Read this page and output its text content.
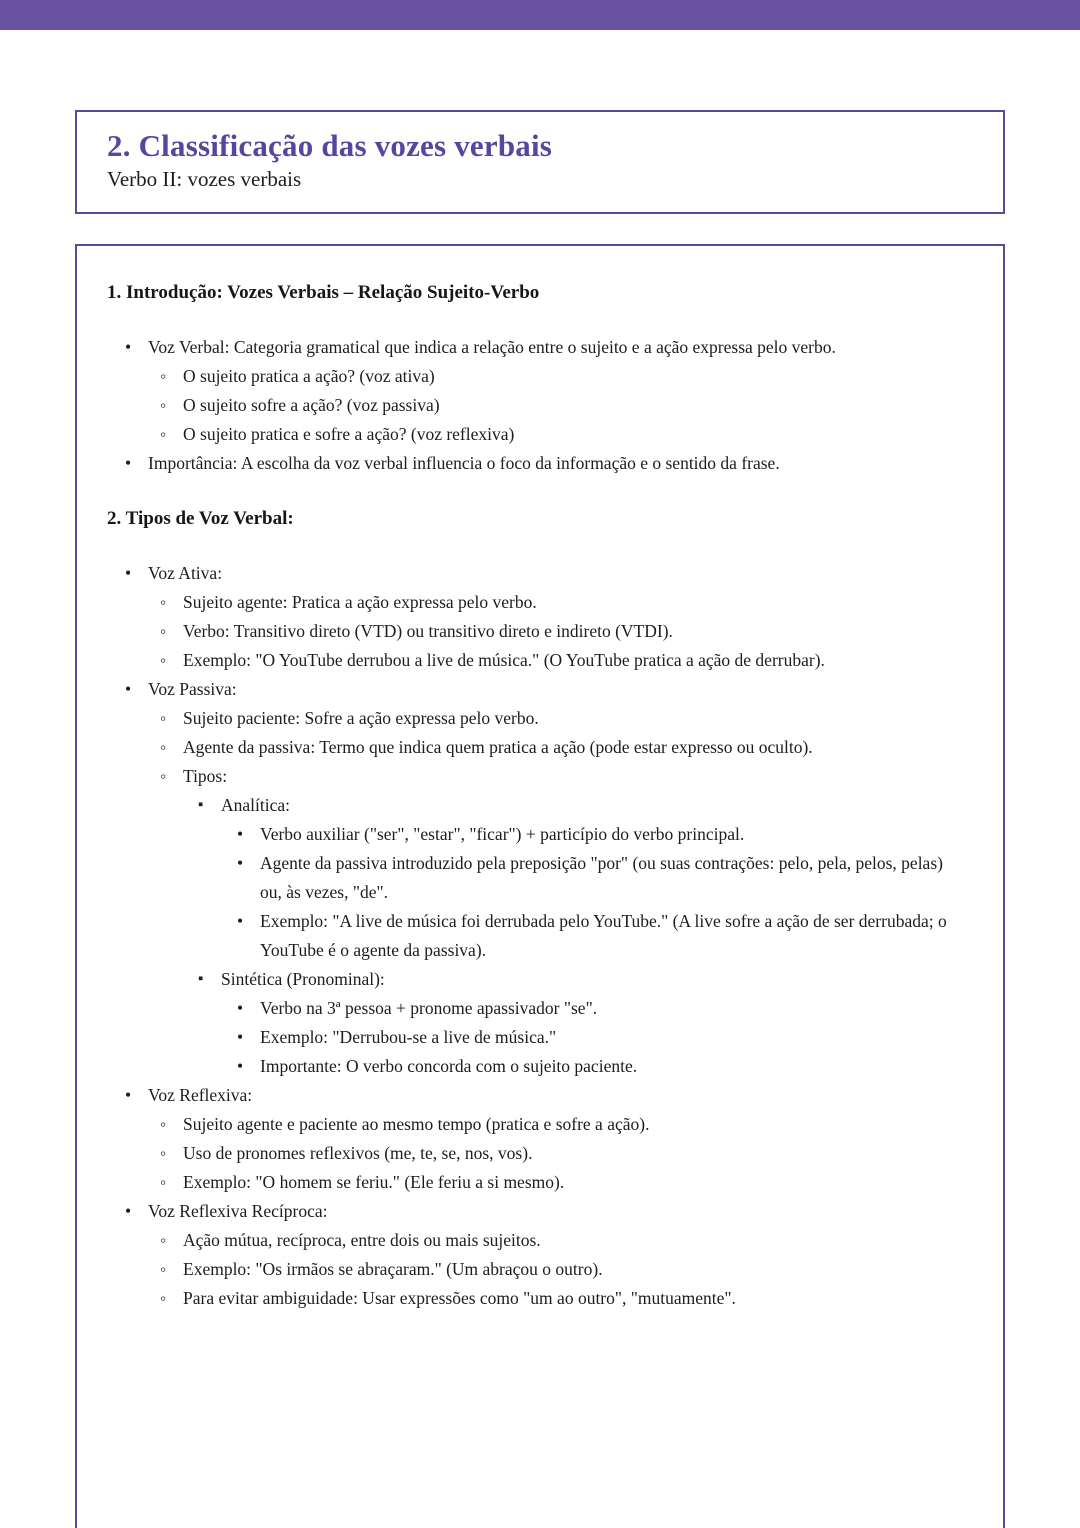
2. Classificação das vozes verbais
Verbo II: vozes verbais
1. Introdução: Vozes Verbais – Relação Sujeito-Verbo
• Voz Verbal: Categoria gramatical que indica a relação entre o sujeito e a ação expressa pelo verbo.
◦ O sujeito pratica a ação? (voz ativa)
◦ O sujeito sofre a ação? (voz passiva)
◦ O sujeito pratica e sofre a ação? (voz reflexiva)
• Importância: A escolha da voz verbal influencia o foco da informação e o sentido da frase.
2. Tipos de Voz Verbal:
• Voz Ativa:
◦ Sujeito agente: Pratica a ação expressa pelo verbo.
◦ Verbo: Transitivo direto (VTD) ou transitivo direto e indireto (VTDI).
◦ Exemplo: "O YouTube derrubou a live de música." (O YouTube pratica a ação de derrubar).
• Voz Passiva:
◦ Sujeito paciente: Sofre a ação expressa pelo verbo.
◦ Agente da passiva: Termo que indica quem pratica a ação (pode estar expresso ou oculto).
◦ Tipos:
▪	Analítica:
• Verbo auxiliar ("ser", "estar", "ficar") + particípio do verbo principal.
• Agente da passiva introduzido pela preposição "por" (ou suas contrações: pelo, pela, pelos, pelas) ou, às vezes, "de".
• Exemplo: "A live de música foi derrubada pelo YouTube." (A live sofre a ação de ser derrubada; o YouTube é o agente da passiva).
▪	Sintética (Pronominal):
• Verbo na 3ª pessoa + pronome apassivador "se".
• Exemplo: "Derrubou-se a live de música."
• Importante: O verbo concorda com o sujeito paciente.
• Voz Reflexiva:
◦ Sujeito agente e paciente ao mesmo tempo (pratica e sofre a ação).
◦ Uso de pronomes reflexivos (me, te, se, nos, vos).
◦ Exemplo: "O homem se feriu." (Ele feriu a si mesmo).
• Voz Reflexiva Recíproca:
◦ Ação mútua, recíproca, entre dois ou mais sujeitos.
◦ Exemplo: "Os irmãos se abraçaram." (Um abraçou o outro).
◦ Para evitar ambiguidade: Usar expressões como "um ao outro", "mutuamente".
